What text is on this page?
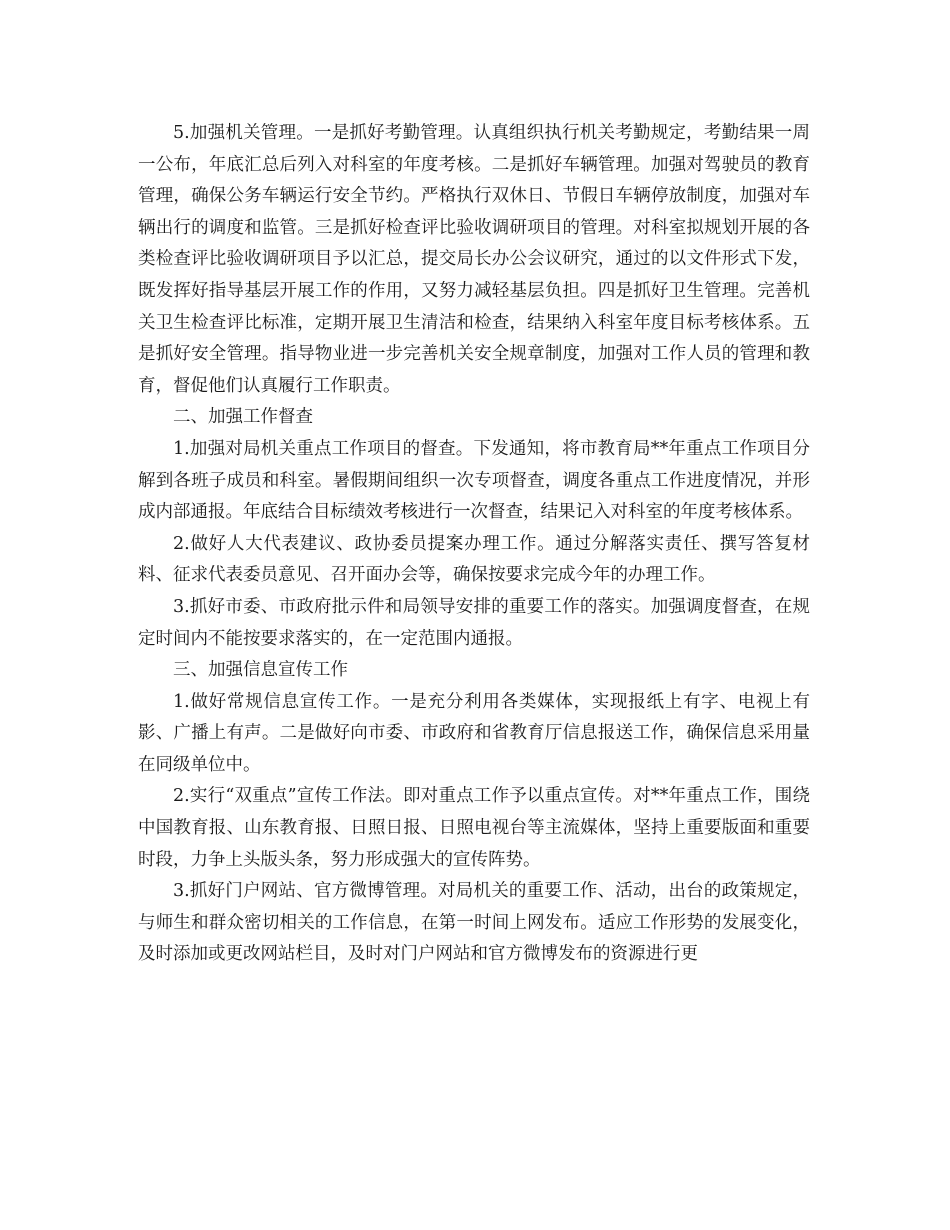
5.加强机关管理。一是抓好考勤管理。认真组织执行机关考勤规定，考勤结果一周一公布，年底汇总后列入对科室的年度考核。二是抓好车辆管理。加强对驾驶员的教育管理，确保公务车辆运行安全节约。严格执行双休日、节假日车辆停放制度，加强对车辆出行的调度和监管。三是抓好检查评比验收调研项目的管理。对科室拟规划开展的各类检查评比验收调研项目予以汇总，提交局长办公会议研究，通过的以文件形式下发，既发挥好指导基层开展工作的作用，又努力减轻基层负担。四是抓好卫生管理。完善机关卫生检查评比标准，定期开展卫生清洁和检查，结果纳入科室年度目标考核体系。五是抓好安全管理。指导物业进一步完善机关安全规章制度，加强对工作人员的管理和教育，督促他们认真履行工作职责。

二、加强工作督查

1.加强对局机关重点工作项目的督查。下发通知，将市教育局**年重点工作项目分解到各班子成员和科室。暑假期间组织一次专项督查，调度各重点工作进度情况，并形成内部通报。年底结合目标绩效考核进行一次督查，结果记入对科室的年度考核体系。

2.做好人大代表建议、政协委员提案办理工作。通过分解落实责任、撰写答复材料、征求代表委员意见、召开面办会等，确保按要求完成今年的办理工作。

3.抓好市委、市政府批示件和局领导安排的重要工作的落实。加强调度督查，在规定时间内不能按要求落实的，在一定范围内通报。

三、加强信息宣传工作

1.做好常规信息宣传工作。一是充分利用各类媒体，实现报纸上有字、电视上有影、广播上有声。二是做好向市委、市政府和省教育厅信息报送工作，确保信息采用量在同级单位中。

2.实行“双重点”宣传工作法。即对重点工作予以重点宣传。对**年重点工作，围绕中国教育报、山东教育报、日照日报、日照电视台等主流媒体，坚持上重要版面和重要时段，力争上头版头条，努力形成强大的宣传阵势。

3.抓好门户网站、官方微博管理。对局机关的重要工作、活动，出台的政策规定，与师生和群众密切相关的工作信息，在第一时间上网发布。适应工作形势的发展变化，及时添加或更改网站栏目，及时对门户网站和官方微博发布的资源进行更
